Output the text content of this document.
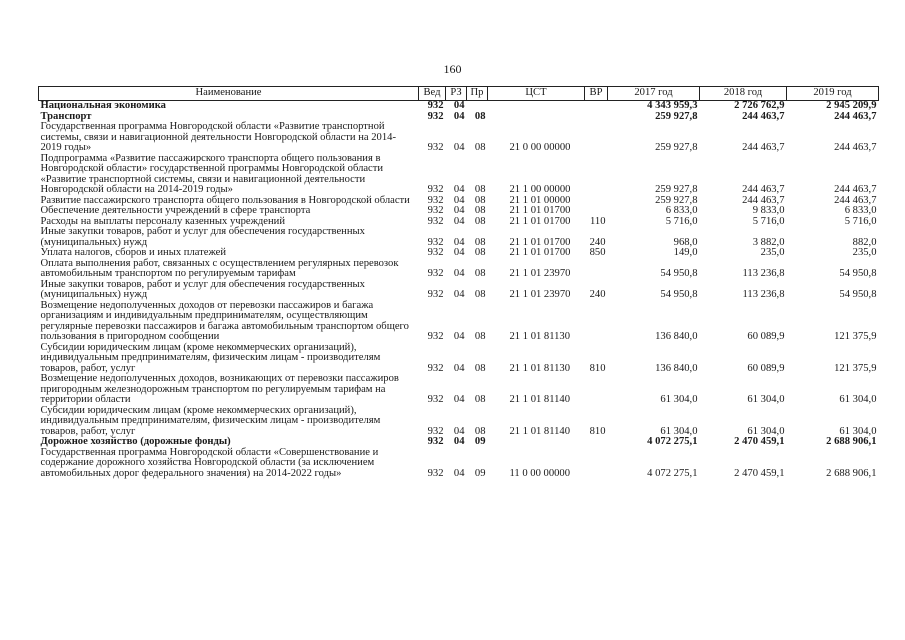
160
Наименование	Вед	РЗ	Пр	ЦСТ	ВР	2017 год	2018 год	2019 год
Национальная экономика	932	04				4 343 959,3	2 726 762,9	2 945 209,9
Транспорт	932	04	08			259 927,8	244 463,7	244 463,7
Государственная программа Новгородской области «Развитие транспортной системы, связи и навигационной деятельности Новгородской области на 2014-2019 годы»	932	04	08	21 0 00 00000		259 927,8	244 463,7	244 463,7
Подпрограмма «Развитие пассажирского транспорта общего пользования в Новгородской области» государственной программы Новгородской области «Развитие транспортной системы, связи и навигационной деятельности Новгородской области на 2014-2019 годы»	932	04	08	21 1 00 00000		259 927,8	244 463,7	244 463,7
Развитие пассажирского транспорта общего пользования в Новгородской области	932	04	08	21 1 01 00000		259 927,8	244 463,7	244 463,7
Обеспечение деятельности учреждений в сфере транспорта	932	04	08	21 1 01 01700		6 833,0	9 833,0	6 833,0
Расходы на выплаты персоналу казенных учреждений	932	04	08	21 1 01 01700	110	5 716,0	5 716,0	5 716,0
Иные закупки товаров, работ и услуг для обеспечения государственных (муниципальных) нужд	932	04	08	21 1 01 01700	240	968,0	3 882,0	882,0
Уплата налогов, сборов и иных платежей	932	04	08	21 1 01 01700	850	149,0	235,0	235,0
Оплата выполнения работ, связанных с осуществлением регулярных перевозок автомобильным транспортом по регулируемым тарифам	932	04	08	21 1 01 23970		54 950,8	113 236,8	54 950,8
Иные закупки товаров, работ и услуг для обеспечения государственных (муниципальных) нужд	932	04	08	21 1 01 23970	240	54 950,8	113 236,8	54 950,8
Возмещение недополученных доходов от перевозки пассажиров и багажа организациям и индивидуальным предпринимателям, осуществляющим регулярные перевозки пассажиров и багажа автомобильным транспортом общего пользования в пригородном сообщении	932	04	08	21 1 01 81130		136 840,0	60 089,9	121 375,9
Субсидии юридическим лицам (кроме некоммерческих организаций), индивидуальным предпринимателям, физическим лицам - производителям товаров, работ, услуг	932	04	08	21 1 01 81130	810	136 840,0	60 089,9	121 375,9
Возмещение недополученных доходов, возникающих от перевозки пассажиров пригородным железнодорожным транспортом по регулируемым тарифам на территории области	932	04	08	21 1 01 81140		61 304,0	61 304,0	61 304,0
Субсидии юридическим лицам (кроме некоммерческих организаций), индивидуальным предпринимателям, физическим лицам - производителям товаров, работ, услуг	932	04	08	21 1 01 81140	810	61 304,0	61 304,0	61 304,0
Дорожное хозяйство (дорожные фонды)	932	04	09			4 072 275,1	2 470 459,1	2 688 906,1
Государственная программа Новгородской области «Совершенствование и содержание дорожного хозяйства Новгородской области (за исключением автомобильных дорог федерального значения) на 2014-2022 годы»	932	04	09	11 0 00 00000		4 072 275,1	2 470 459,1	2 688 906,1
